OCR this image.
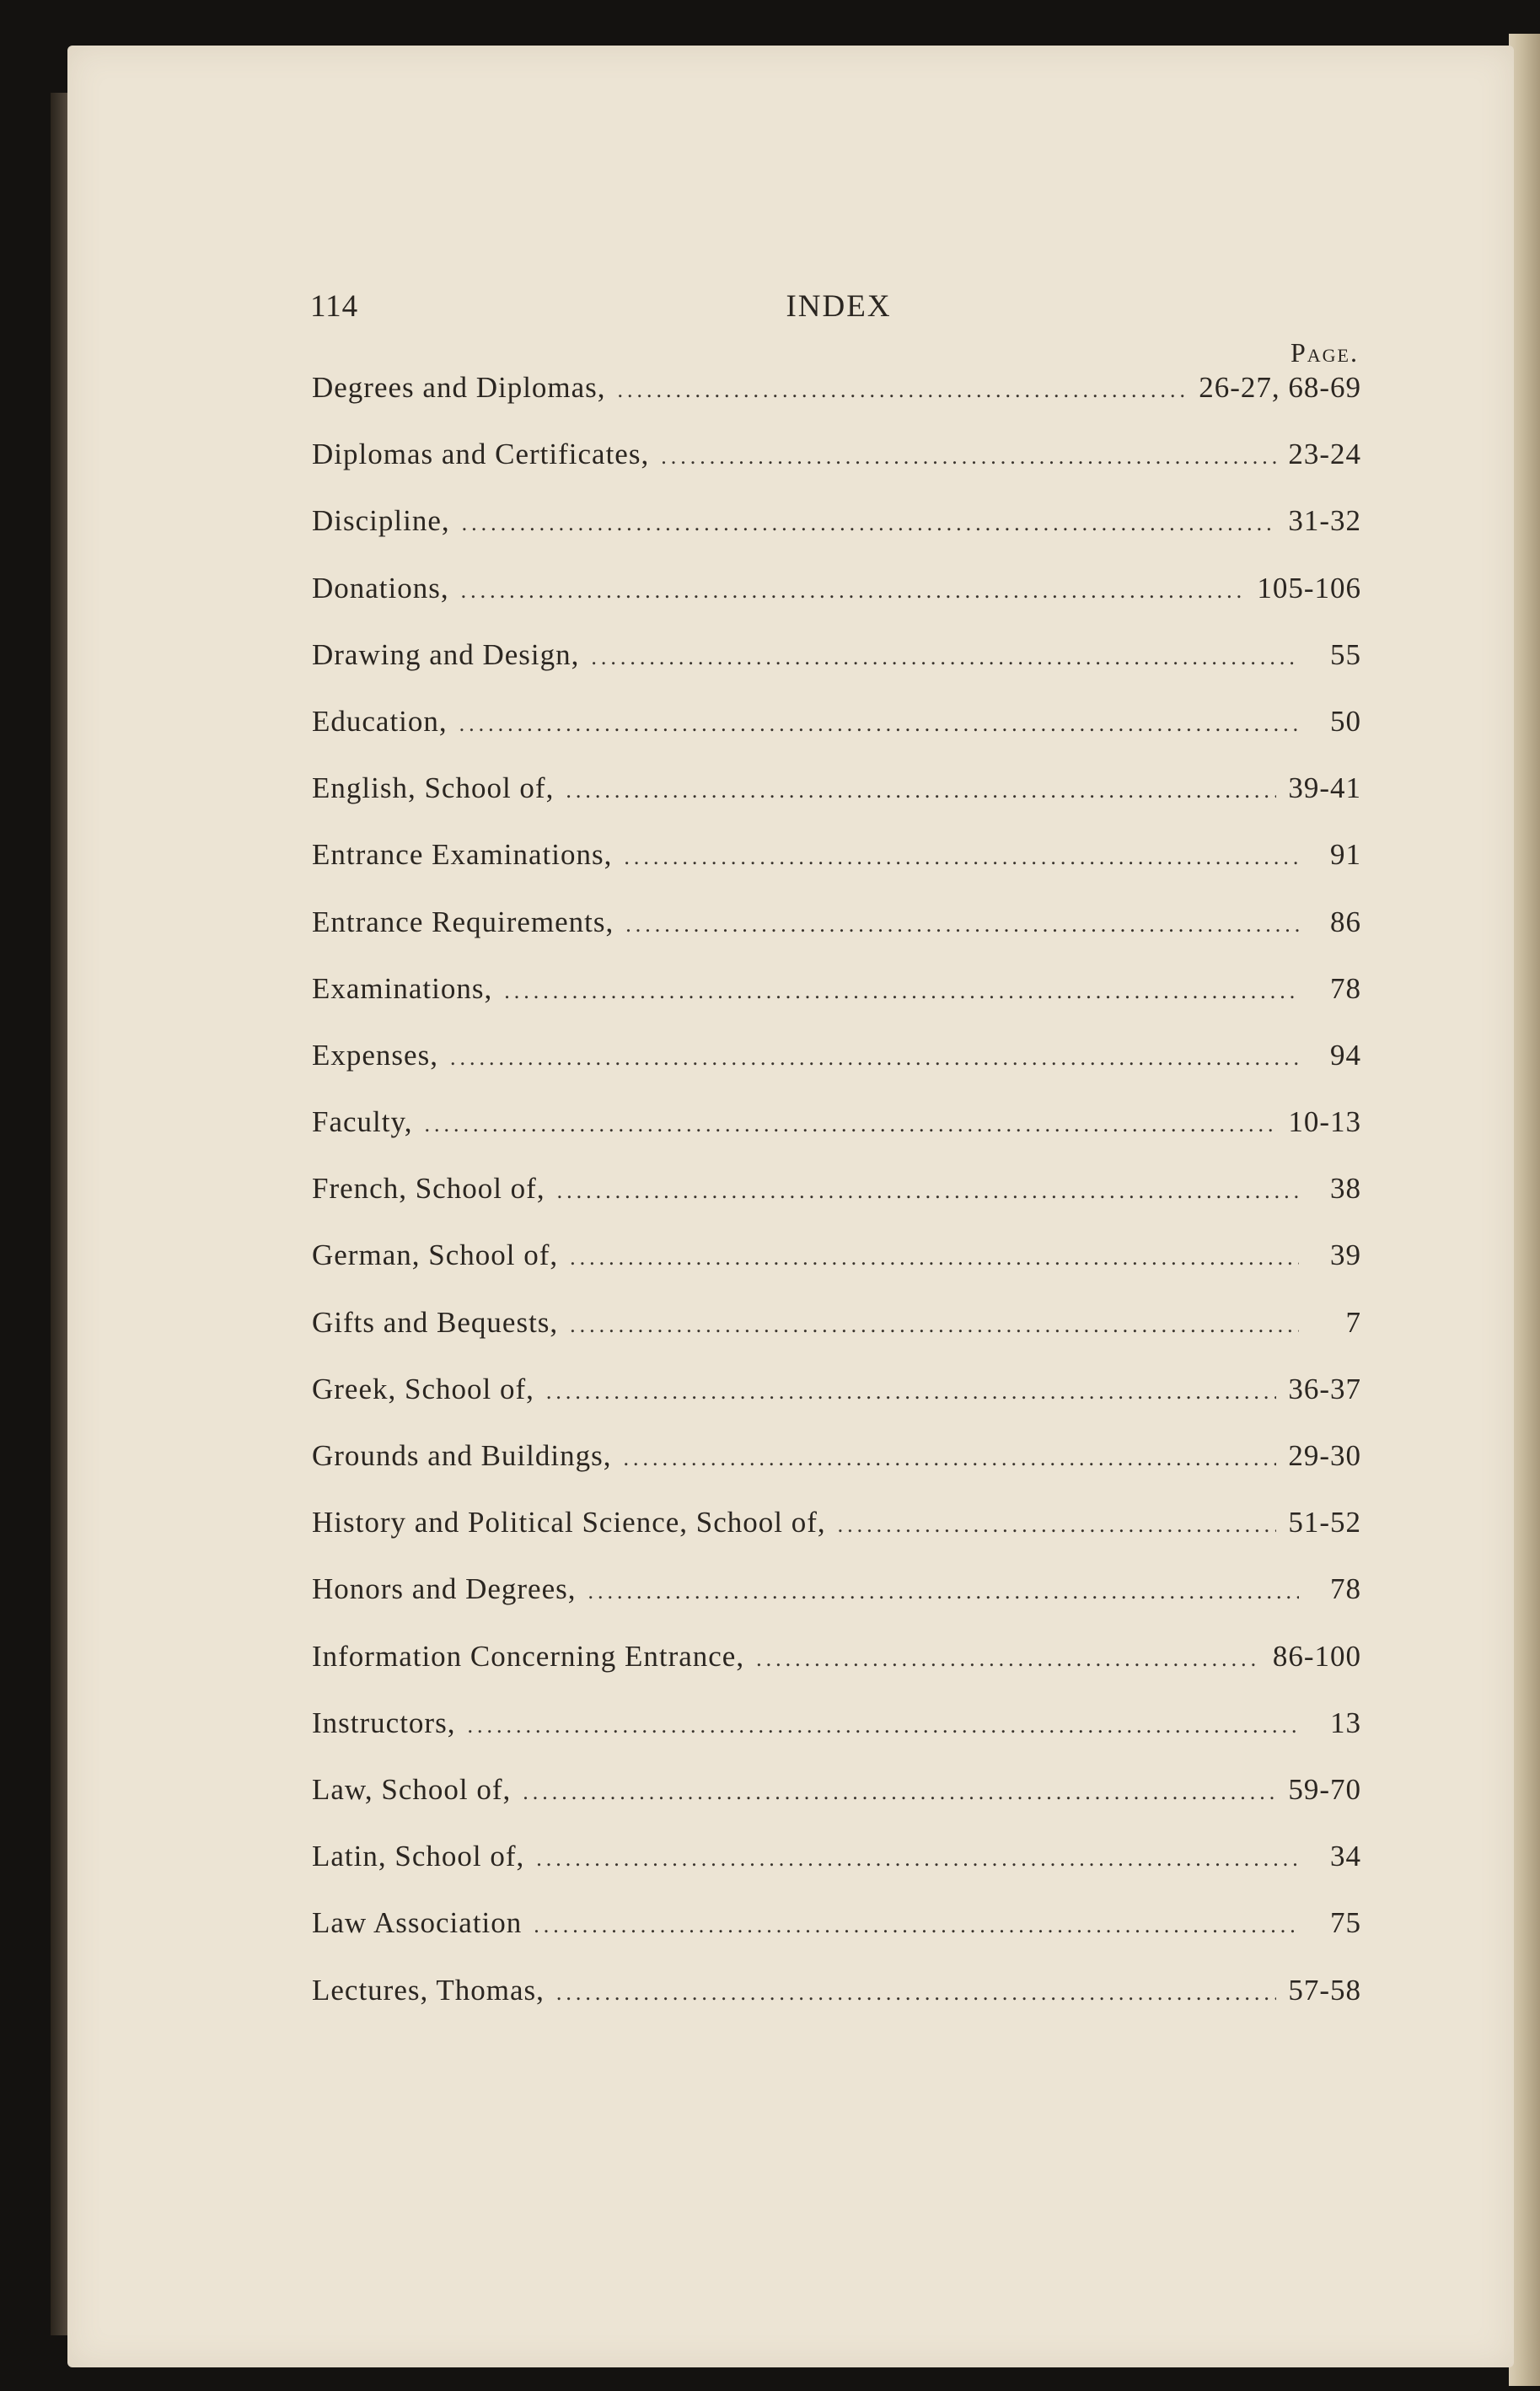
114	INDEX
Page.
Degrees and Diplomas, .....	26-27, 68-69
Diplomas and Certificates, .....	23-24
Discipline, .....	31-32
Donations, .....	105-106
Drawing and Design, .....	55
Education, .....	50
English, School of, .....	39-41
Entrance Examinations, .....	91
Entrance Requirements, .....	86
Examinations, .....	78
Expenses, .....	94
Faculty, .....	10-13
French, School of, .....	38
German, School of, .....	39
Gifts and Bequests, .....	7
Greek, School of, .....	36-37
Grounds and Buildings, .....	29-30
History and Political Science, School of, .....	51-52
Honors and Degrees, .....	78
Information Concerning Entrance, .....	86-100
Instructors, .....	13
Law, School of, .....	59-70
Latin, School of, .....	34
Law Association .....	75
Lectures, Thomas, .....	57-58
